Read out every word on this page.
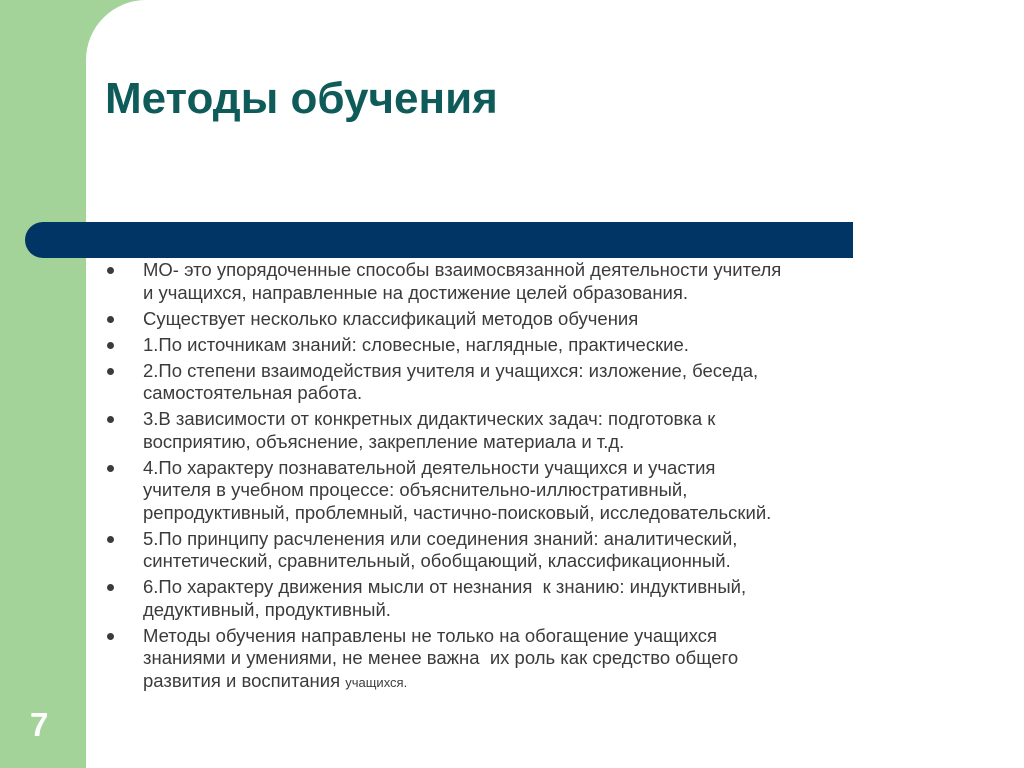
Методы обучения
МО- это упорядоченные способы взаимосвязанной деятельности учителя
и учащихся, направленные на достижение целей образования.
Существует несколько классификаций методов обучения
1.По источникам знаний: словесные, наглядные, практические.
2.По степени взаимодействия учителя и учащихся: изложение, беседа,
самостоятельная работа.
3.В зависимости от конкретных дидактических задач: подготовка к
восприятию, объяснение, закрепление материала и т.д.
4.По характеру познавательной деятельности учащихся и участия
учителя в учебном процессе: объяснительно-иллюстративный,
репродуктивный, проблемный, частично-поисковый, исследовательский.
5.По принципу расчленения или соединения знаний: аналитический,
синтетический, сравнительный, обобщающий, классификационный.
6.По характеру движения мысли от незнания  к знанию: индуктивный,
дедуктивный, продуктивный.
Методы обучения направлены не только на обогащение учащихся
знаниями и умениями, не менее важна  их роль как средство общего
развития и воспитания учащихся.
7
